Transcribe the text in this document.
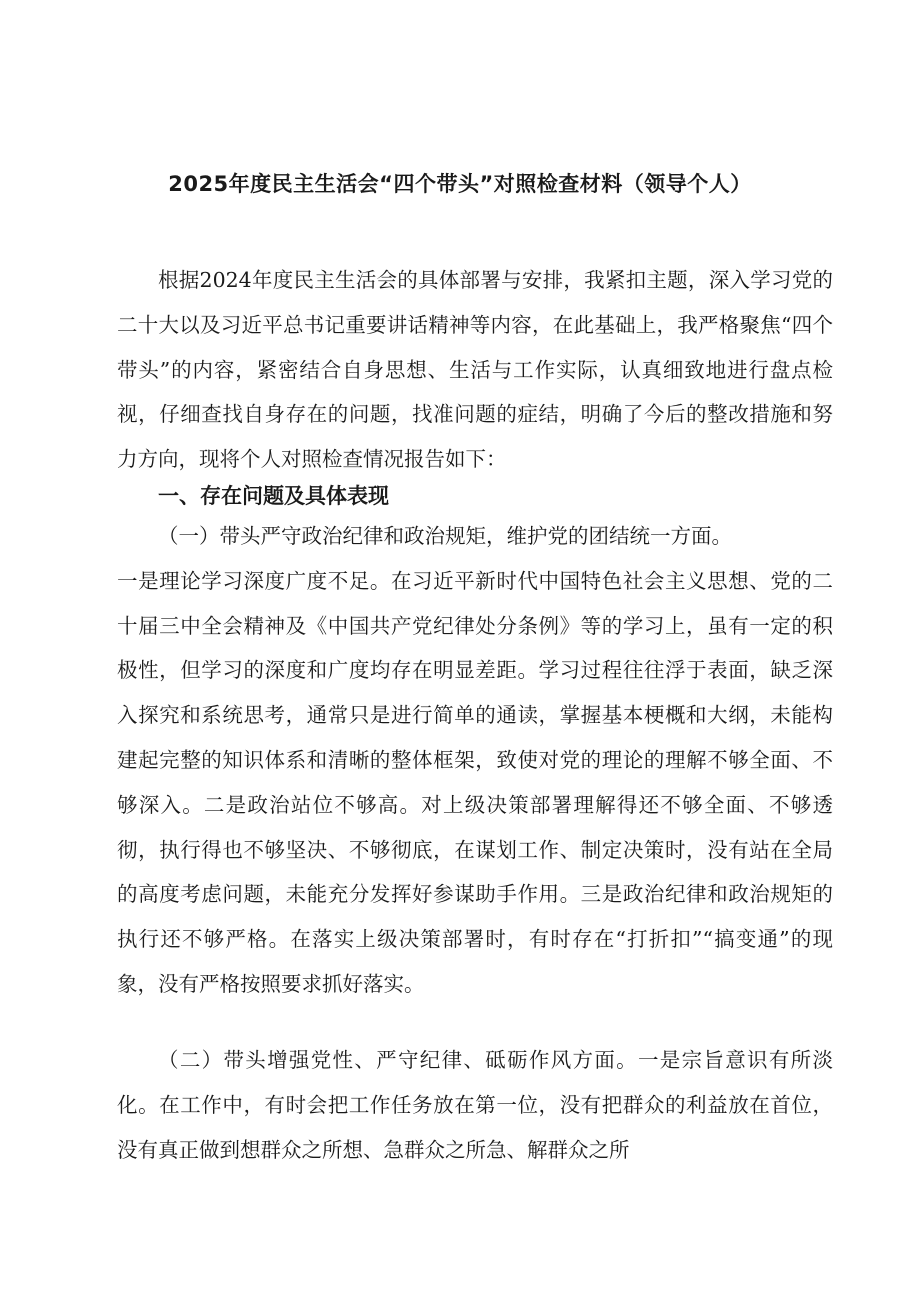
2025年度民主生活会“四个带头”对照检查材料（领导个人）

根据2024年度民主生活会的具体部署与安排，我紧扣主题，深入学习党的二十大以及习近平总书记重要讲话精神等内容，在此基础上，我严格聚焦“四个带头”的内容，紧密结合自身思想、生活与工作实际，认真细致地进行盘点检视，仔细查找自身存在的问题，找准问题的症结，明确了今后的整改措施和努力方向，现将个人对照检查情况报告如下：

一、存在问题及具体表现
（一）带头严守政治纪律和政治规矩，维护党的团结统一方面。
一是理论学习深度广度不足。在习近平新时代中国特色社会主义思想、党的二十届三中全会精神及《中国共产党纪律处分条例》等的学习上，虽有一定的积极性，但学习的深度和广度均存在明显差距。学习过程往往浮于表面，缺乏深入探究和系统思考，通常只是进行简单的通读，掌握基本梗概和大纲，未能构建起完整的知识体系和清晰的整体框架，致使对党的理论的理解不够全面、不够深入。二是政治站位不够高。对上级决策部署理解得还不够全面、不够透彻，执行得也不够坚决、不够彻底，在谋划工作、制定决策时，没有站在全局的高度考虑问题，未能充分发挥好参谋助手作用。三是政治纪律和政治规矩的执行还不够严格。在落实上级决策部署时，有时存在“打折扣”“搞变通”的现象，没有严格按照要求抓好落实。

（二）带头增强党性、严守纪律、砥砺作风方面。一是宗旨意识有所淡化。在工作中，有时会把工作任务放在第一位，没有把群众的利益放在首位，没有真正做到想群众之所想、急群众之所急、解群众之所
